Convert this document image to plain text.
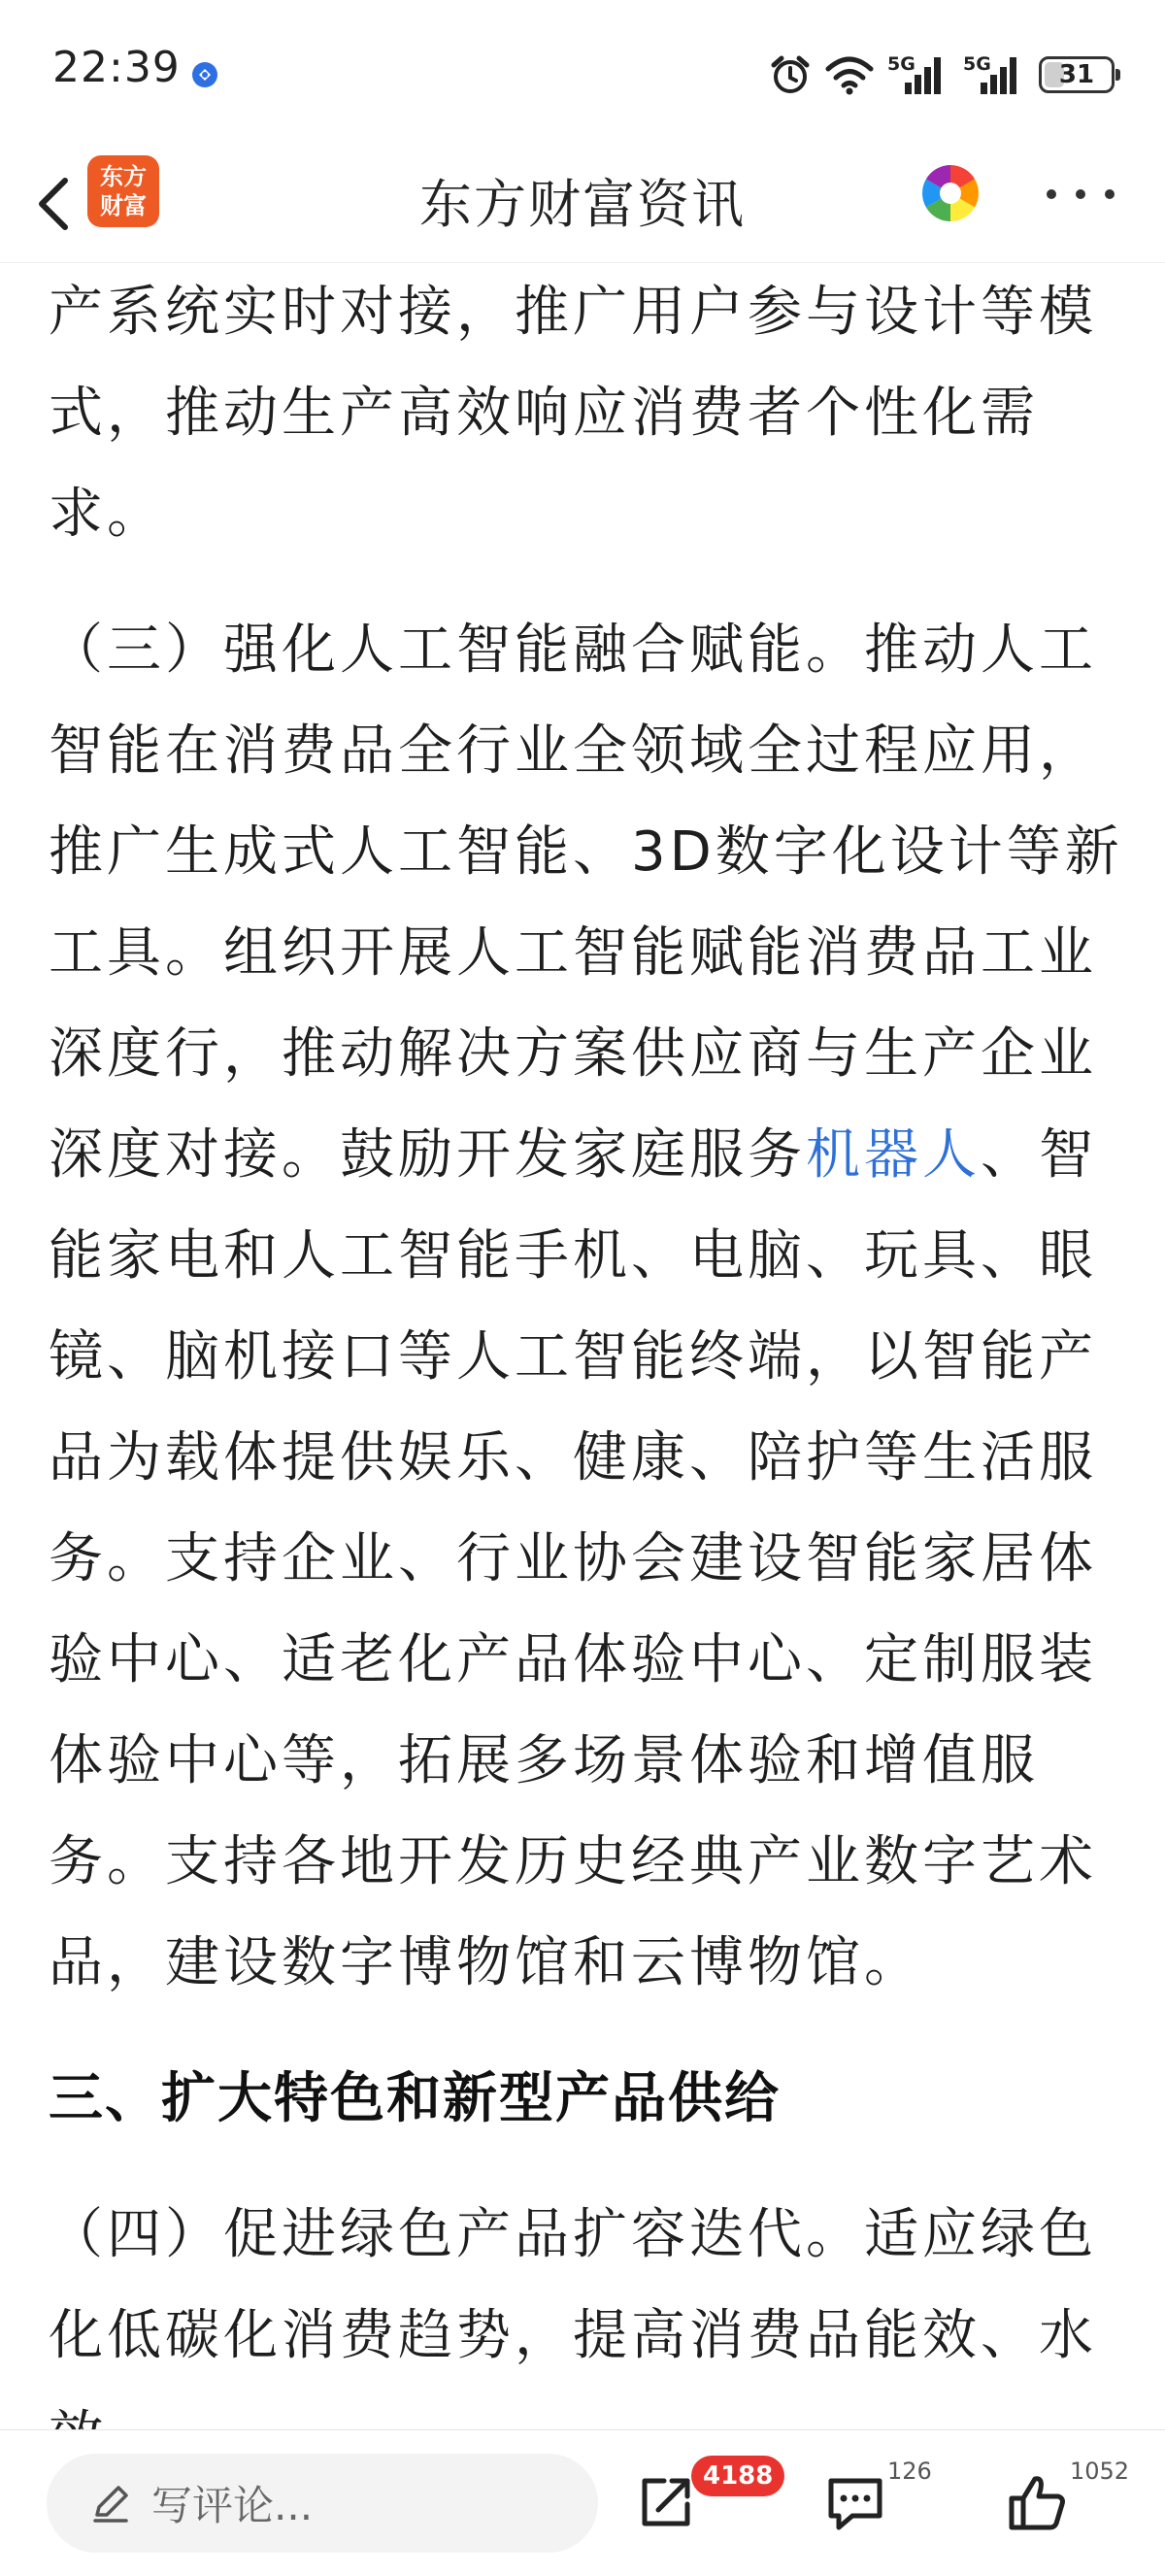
22:39	5G	5G	31
东方
财富	东方财富资讯

产系统实时对接，推广用户参与设计等模式，推动生产高效响应消费者个性化需求。

（三）强化人工智能融合赋能。推动人工智能在消费品全行业全领域全过程应用，推广生成式人工智能、3D数字化设计等新工具。组织开展人工智能赋能消费品工业深度行，推动解决方案供应商与生产企业深度对接。鼓励开发家庭服务机器人、智能家电和人工智能手机、电脑、玩具、眼镜、脑机接口等人工智能终端，以智能产品为载体提供娱乐、健康、陪护等生活服务。支持企业、行业协会建设智能家居体验中心、适老化产品体验中心、定制服装体验中心等，拓展多场景体验和增值服务。支持各地开发历史经典产业数字艺术品，建设数字博物馆和云博物馆。

三、扩大特色和新型产品供给

（四）促进绿色产品扩容迭代。适应绿色化低碳化消费趋势，提高消费品能效、水

写评论...
4188	126	1052
